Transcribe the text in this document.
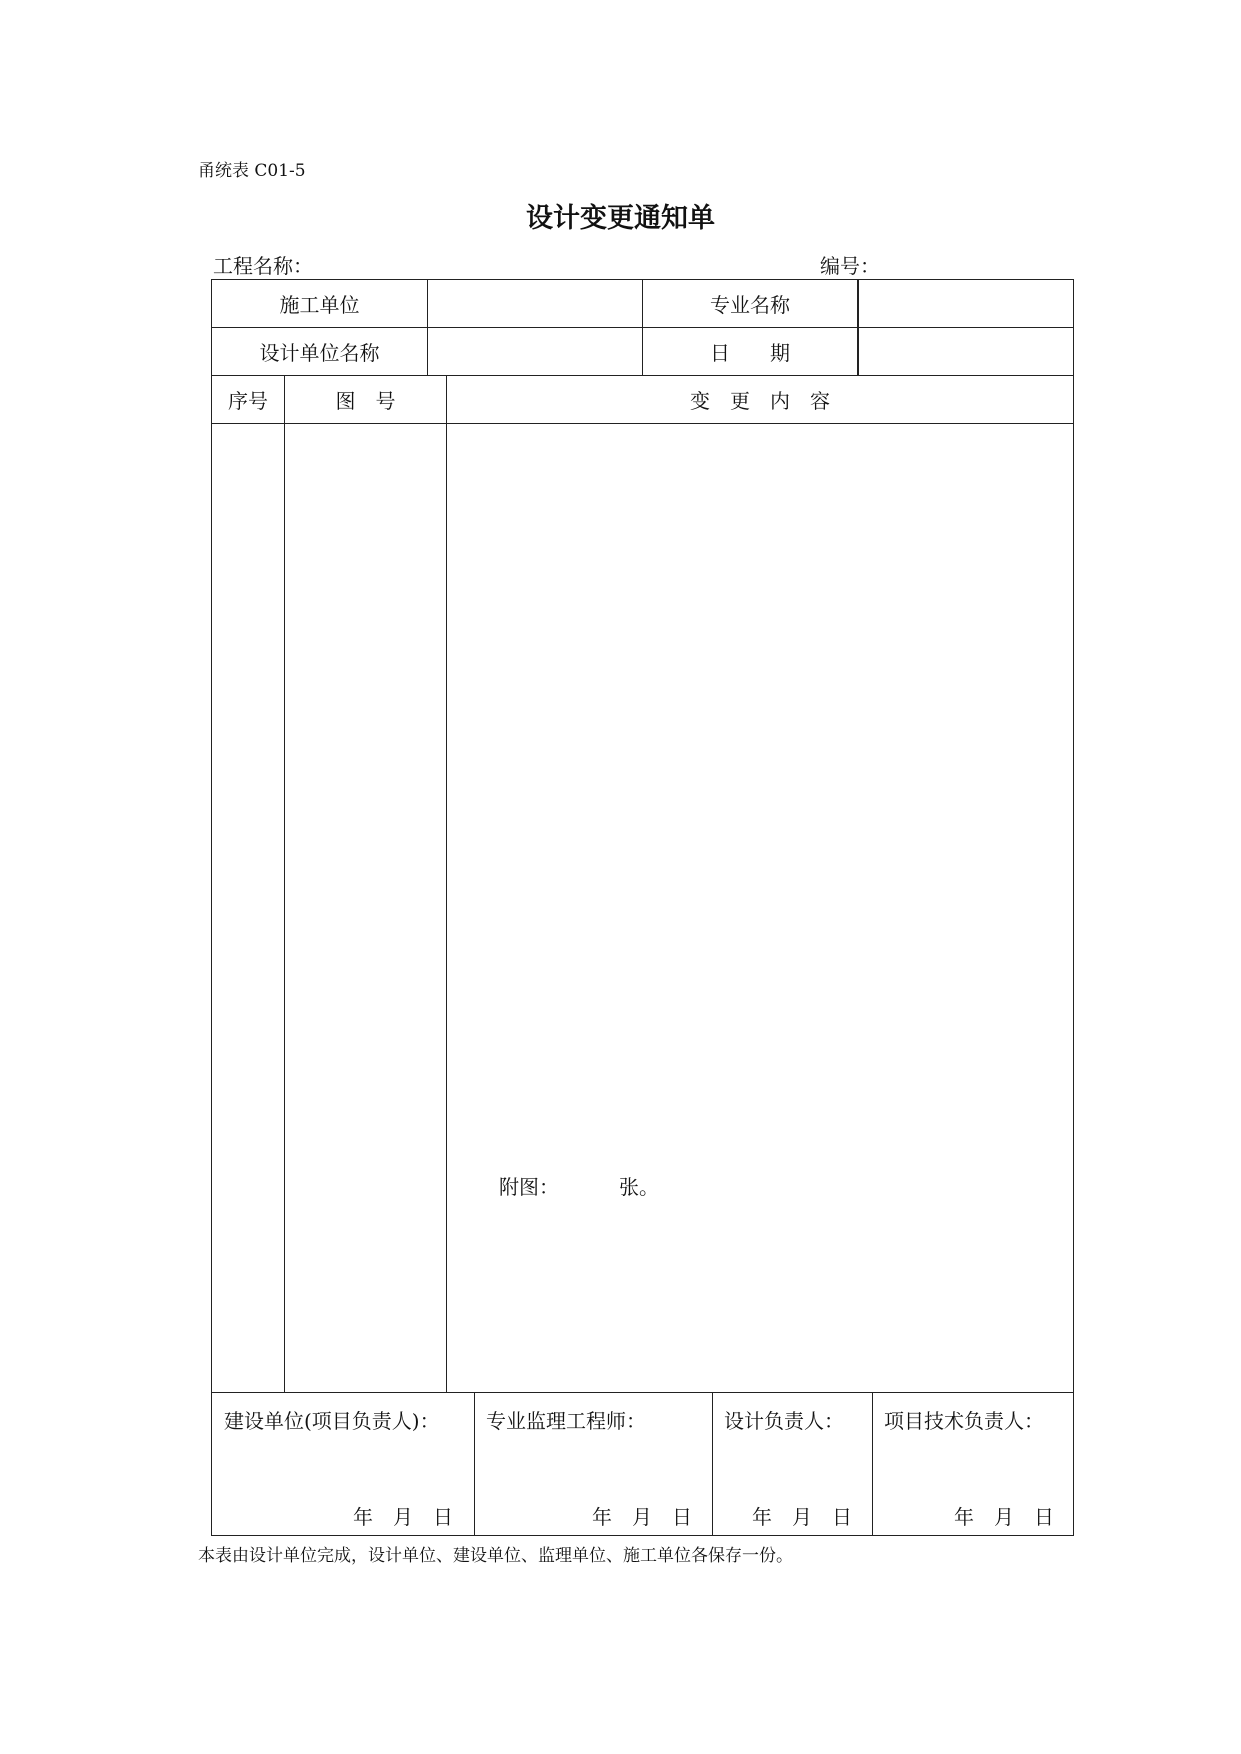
甬统表 C01-5
设计变更通知单
工程名称：	编号：
施工单位	专业名称
设计单位名称	日　　期
序号	图　号	变　更　内　容
附图：	张。
建设单位(项目负责人)：
年　月　日
专业监理工程师：
年　月　日
设计负责人：
年　月　日
项目技术负责人：
年　月　日
本表由设计单位完成，设计单位、建设单位、监理单位、施工单位各保存一份。
